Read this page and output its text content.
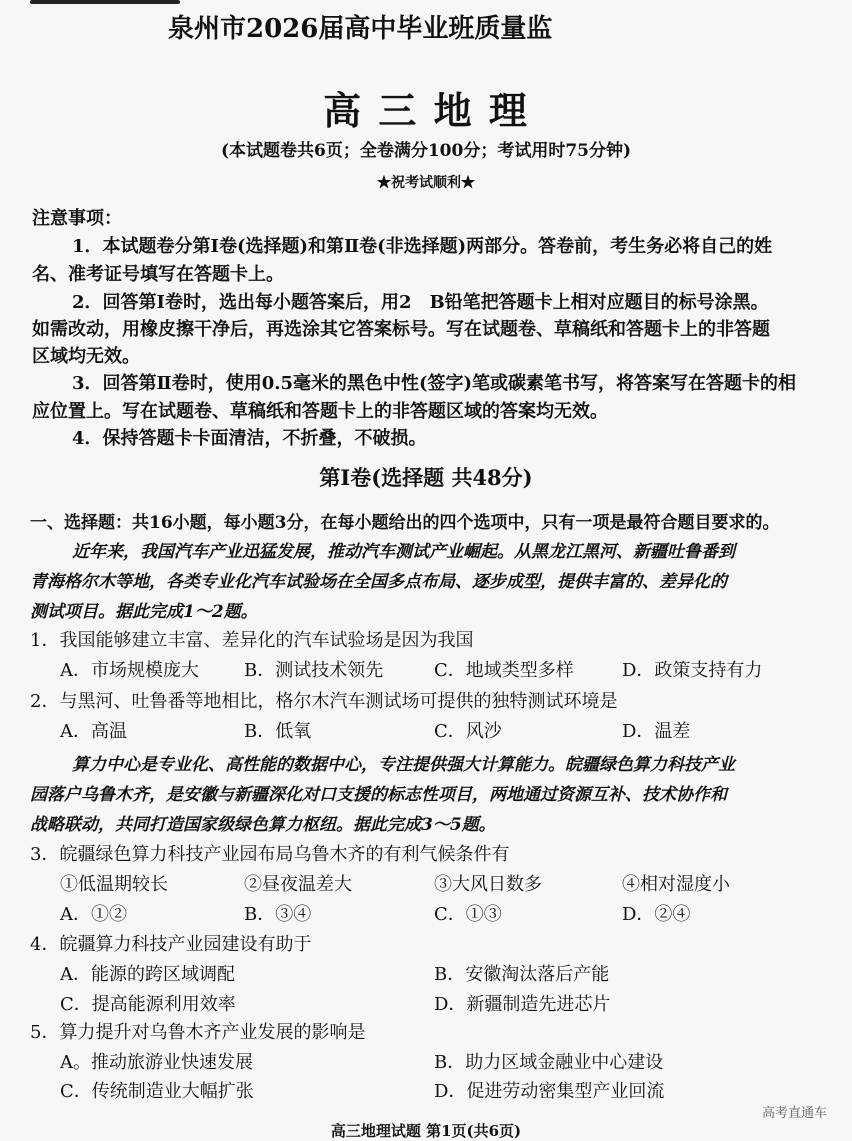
泉州市2026届高中毕业班质量监
高 三 地 理
(本试题卷共6页；全卷满分100分；考试用时75分钟)
★祝考试顺利★
注意事项：
1．本试题卷分第Ⅰ卷(选择题)和第Ⅱ卷(非选择题)两部分。答卷前，考生务必将自己的姓
名、准考证号填写在答题卡上。
2．回答第Ⅰ卷时，选出每小题答案后，用2　B铅笔把答题卡上相对应题目的标号涂黑。
如需改动，用橡皮擦干净后，再选涂其它答案标号。写在试题卷、草稿纸和答题卡上的非答题
区域均无效。
3．回答第Ⅱ卷时，使用0.5毫米的黑色中性(签字)笔或碳素笔书写，将答案写在答题卡的相
应位置上。写在试题卷、草稿纸和答题卡上的非答题区域的答案均无效。
4．保持答题卡卡面清洁，不折叠，不破损。
第Ⅰ卷(选择题 共48分)
一、选择题：共16小题，每小题3分，在每小题给出的四个选项中，只有一项是最符合题目要求的。
近年来，我国汽车产业迅猛发展，推动汽车测试产业崛起。从黑龙江黑河、新疆吐鲁番到
青海格尔木等地，各类专业化汽车试验场在全国多点布局、逐步成型，提供丰富的、差异化的
测试项目。据此完成1～2题。
1．我国能够建立丰富、差异化的汽车试验场是因为我国
A．市场规模庞大	B．测试技术领先	C．地域类型多样	D．政策支持有力
2．与黑河、吐鲁番等地相比，格尔木汽车测试场可提供的独特测试环境是
A．高温	B．低氧	C．风沙	D．温差
算力中心是专业化、高性能的数据中心，专注提供强大计算能力。皖疆绿色算力科技产业
园落户乌鲁木齐，是安徽与新疆深化对口支援的标志性项目，两地通过资源互补、技术协作和
战略联动，共同打造国家级绿色算力枢纽。据此完成3～5题。
3．皖疆绿色算力科技产业园布局乌鲁木齐的有利气候条件有
①低温期较长	②昼夜温差大	③大风日数多	④相对湿度小
A．①②	B．③④	C．①③	D．②④
4．皖疆算力科技产业园建设有助于
A．能源的跨区域调配	B．安徽淘汰落后产能
C．提高能源利用效率	D．新疆制造先进芯片
5．算力提升对乌鲁木齐产业发展的影响是
A。推动旅游业快速发展	B．助力区域金融业中心建设
C．传统制造业大幅扩张	D．促进劳动密集型产业回流
高考直通车
高三地理试题 第1页(共6页)
